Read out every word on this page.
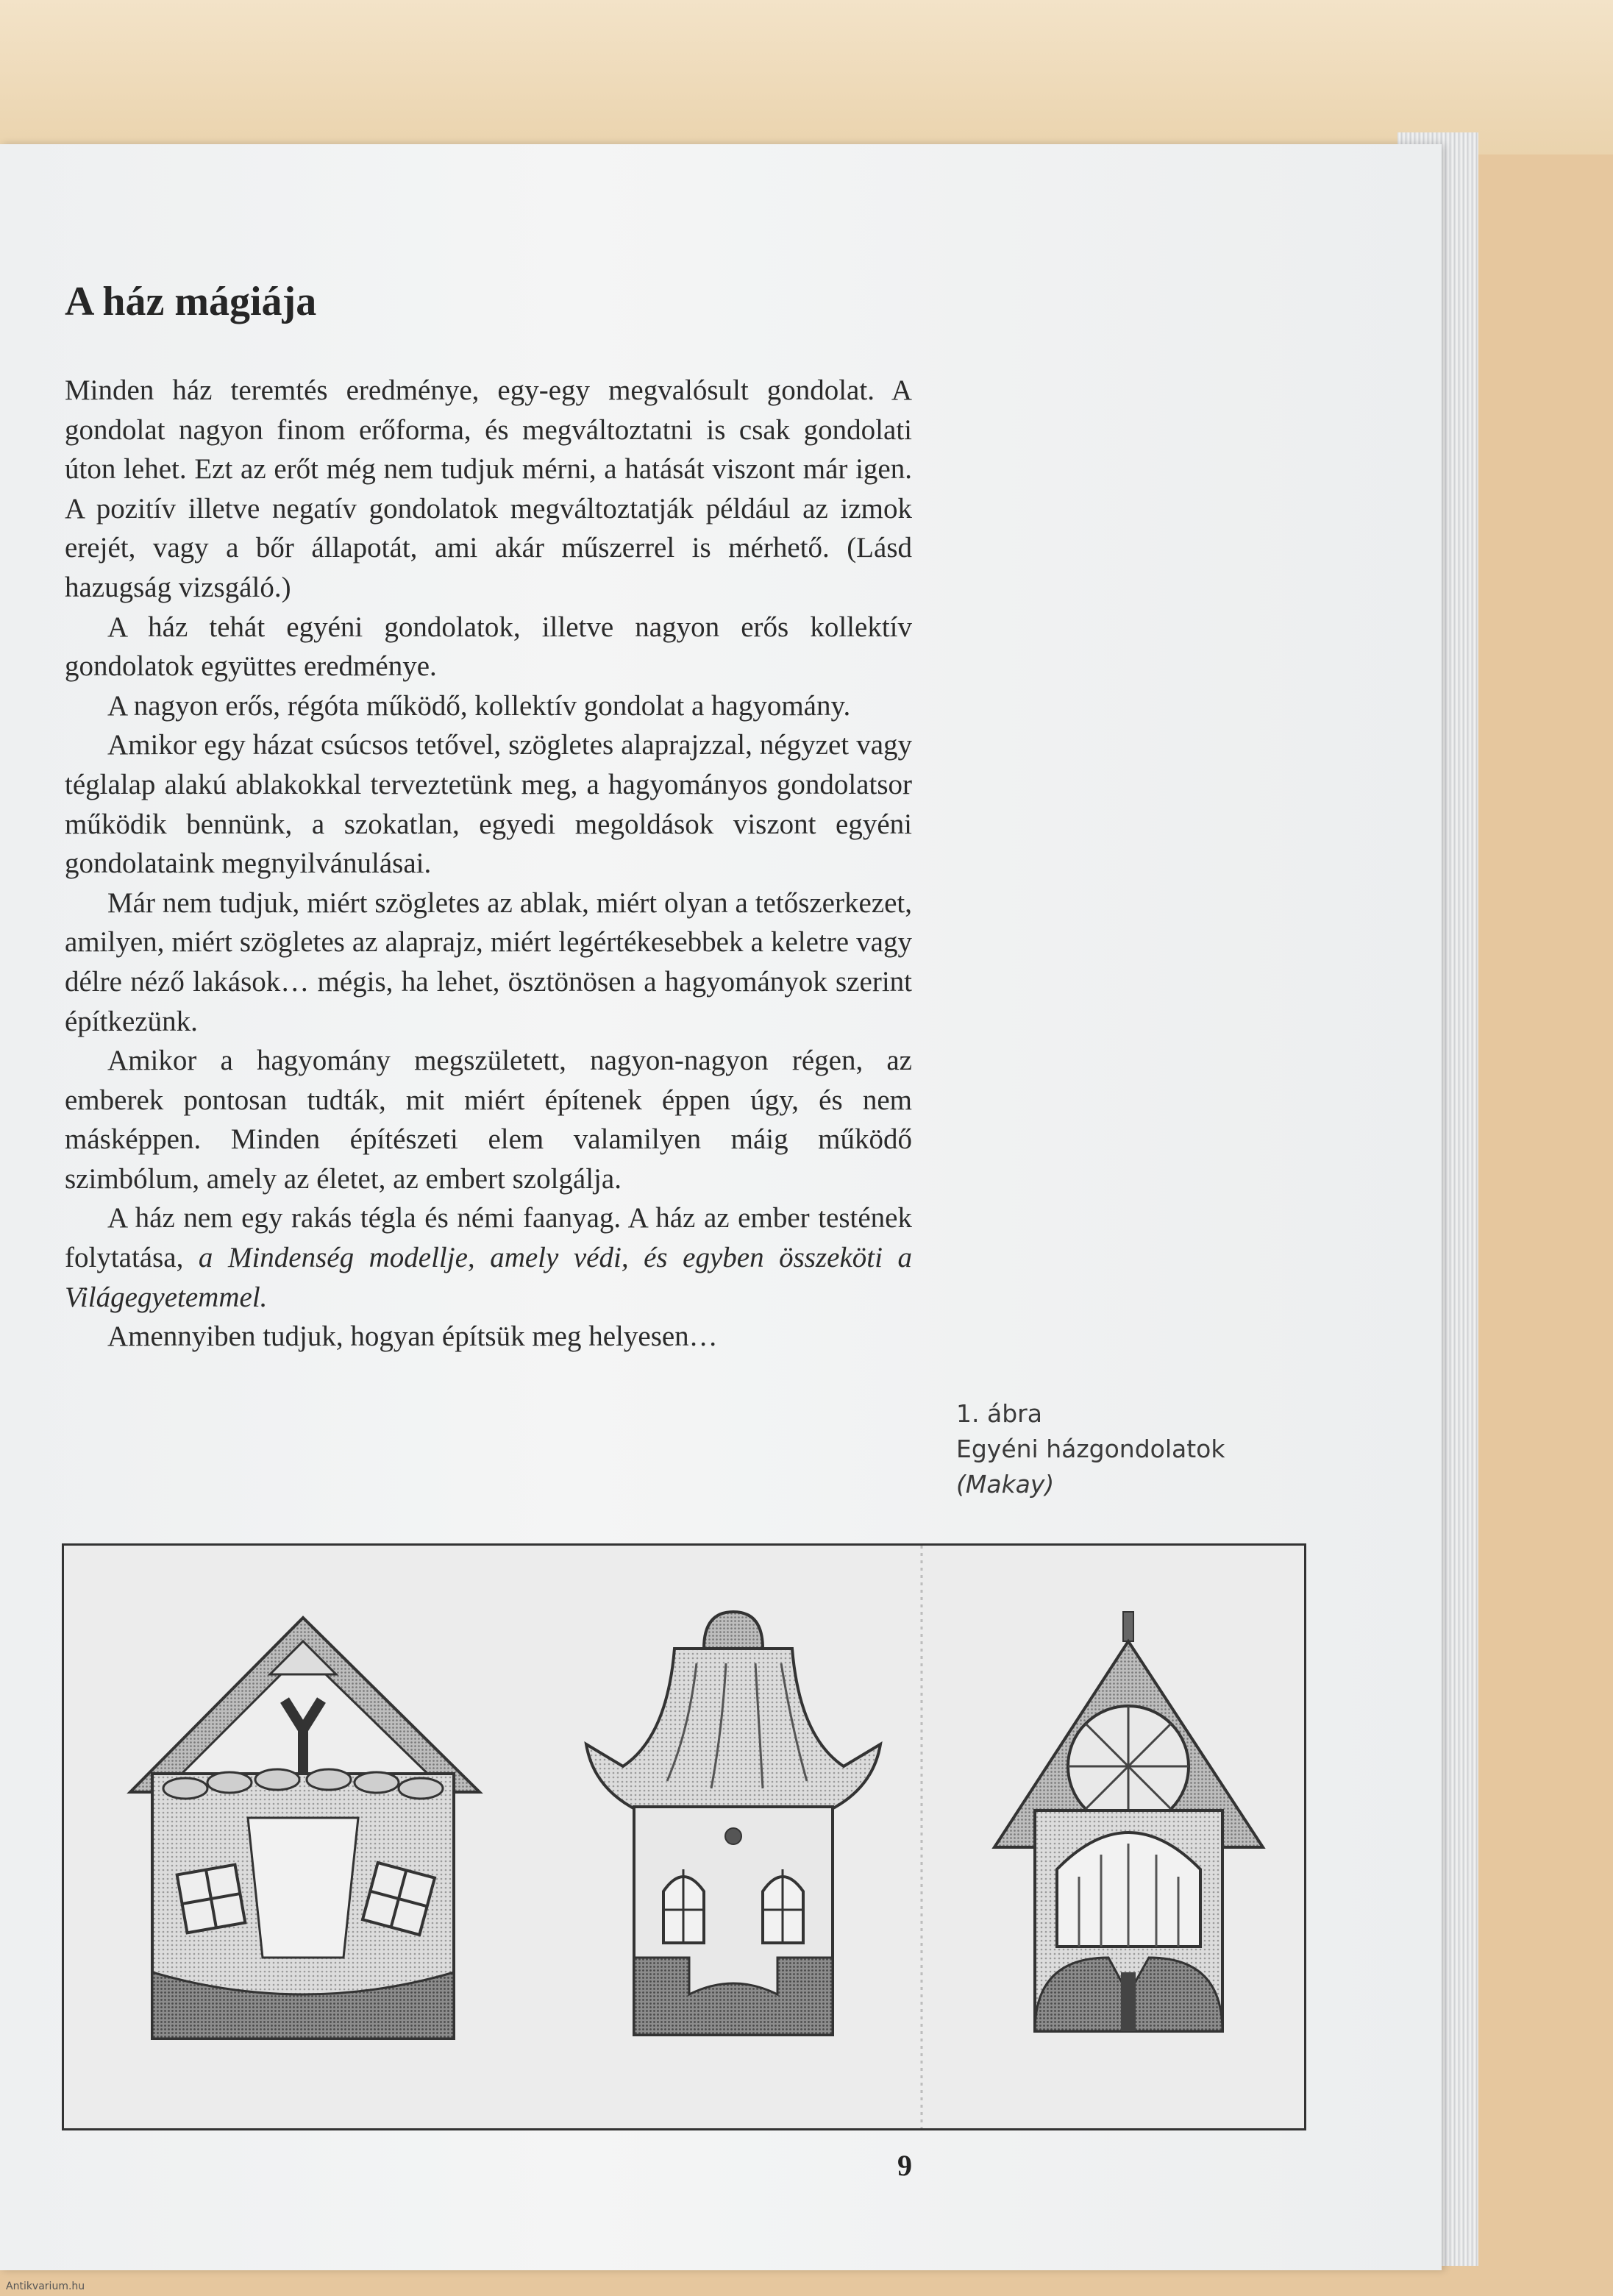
A ház mágiája

Minden ház teremtés eredménye, egy-egy megvalósult gondolat. A gondolat nagyon finom erőforma, és megváltoztatni is csak gondolati úton lehet. Ezt az erőt még nem tudjuk mérni, a hatását viszont már igen. A pozitív illetve negatív gondolatok megváltoztatják például az izmok erejét, vagy a bőr állapotát, ami akár műszerrel is mérhető. (Lásd hazugság vizsgáló.)

A ház tehát egyéni gondolatok, illetve nagyon erős kollektív gondolatok együttes eredménye.

A nagyon erős, régóta működő, kollektív gondolat a hagyomány.

Amikor egy házat csúcsos tetővel, szögletes alaprajzzal, négyzet vagy téglalap alakú ablakokkal terveztetünk meg, a hagyományos gondolatsor működik bennünk, a szokatlan, egyedi megoldások viszont egyéni gondolataink megnyilvánulásai.

Már nem tudjuk, miért szögletes az ablak, miért olyan a tetőszerkezet, amilyen, miért szögletes az alaprajz, miért legértékesebbek a keletre vagy délre néző lakások… mégis, ha lehet, ösztönösen a hagyományok szerint építkezünk.

Amikor a hagyomány megszületett, nagyon-nagyon régen, az emberek pontosan tudták, mit miért építenek éppen úgy, és nem másképpen. Minden építészeti elem valamilyen máig működő szimbólum, amely az életet, az embert szolgálja.

A ház nem egy rakás tégla és némi faanyag. A ház az ember testének folytatása, a Mindenség modellje, amely védi, és egyben összeköti a Világegyetemmel.

Amennyiben tudjuk, hogyan építsük meg helyesen…

1. ábra
Egyéni házgondolatok
(Makay)
9
Antikvarium.hu
